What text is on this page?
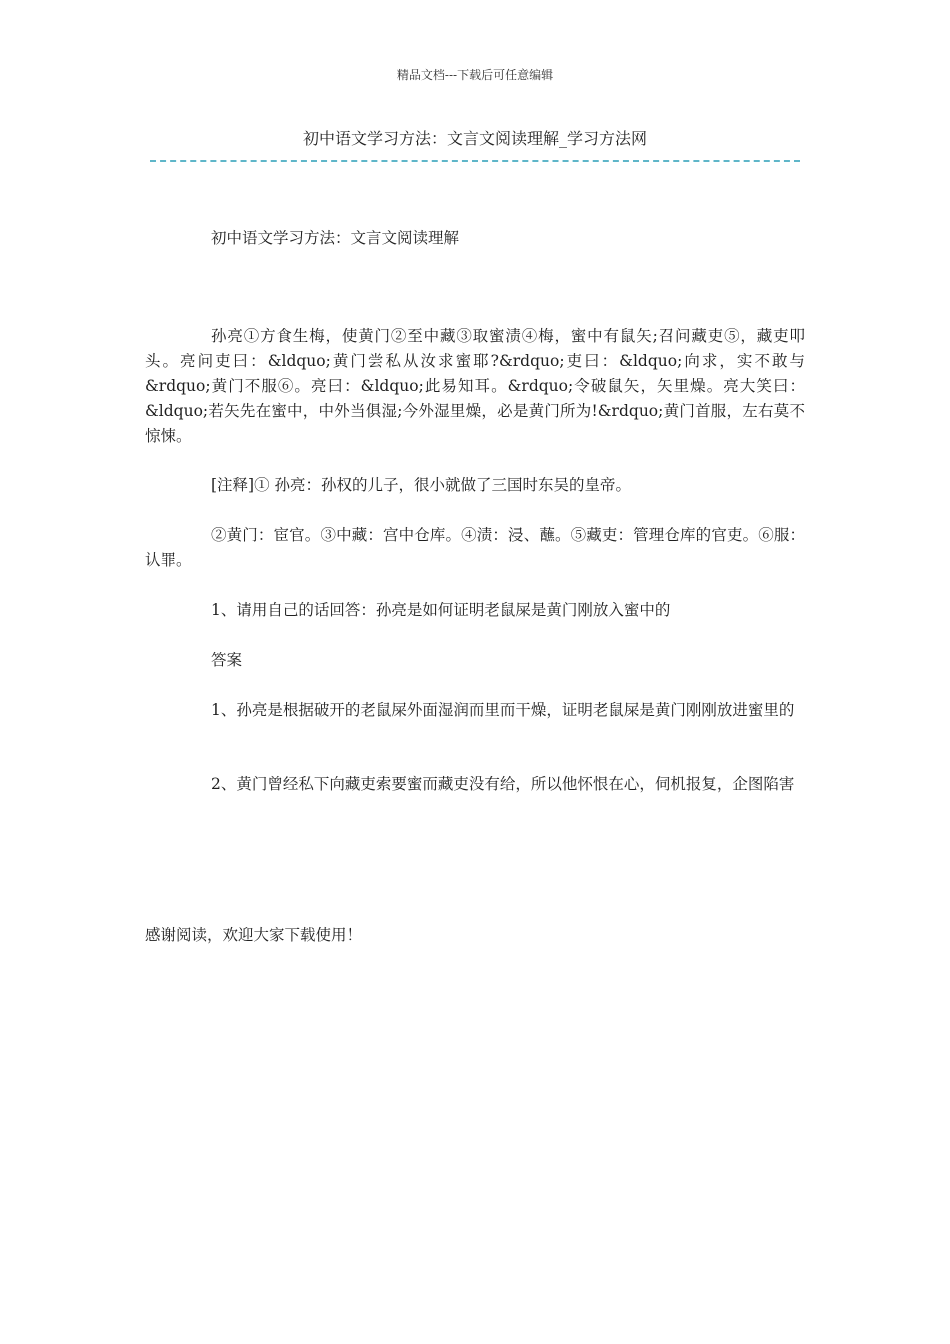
精品文档---下载后可任意编辑
初中语文学习方法：文言文阅读理解_学习方法网
初中语文学习方法：文言文阅读理解
孙亮①方食生梅，使黄门②至中藏③取蜜渍④梅，蜜中有鼠矢;召问藏吏⑤，藏吏叩头。亮问吏曰：&ldquo;黄门尝私从汝求蜜耶?&rdquo;吏曰：&ldquo;向求，实不敢与&rdquo;黄门不服⑥。亮曰：&ldquo;此易知耳。&rdquo;令破鼠矢，矢里燥。亮大笑曰：&ldquo;若矢先在蜜中，中外当俱湿;今外湿里燥，必是黄门所为!&rdquo;黄门首服，左右莫不惊悚。
[注释]① 孙亮：孙权的儿子，很小就做了三国时东吴的皇帝。
②黄门：宦官。③中藏：宫中仓库。④渍：浸、蘸。⑤藏吏：管理仓库的官吏。⑥服：认罪。
1、请用自己的话回答：孙亮是如何证明老鼠屎是黄门刚放入蜜中的
答案
1、孙亮是根据破开的老鼠屎外面湿润而里而干燥，证明老鼠屎是黄门刚刚放进蜜里的
2、黄门曾经私下向藏吏索要蜜而藏吏没有给，所以他怀恨在心，伺机报复，企图陷害
感谢阅读，欢迎大家下载使用！
